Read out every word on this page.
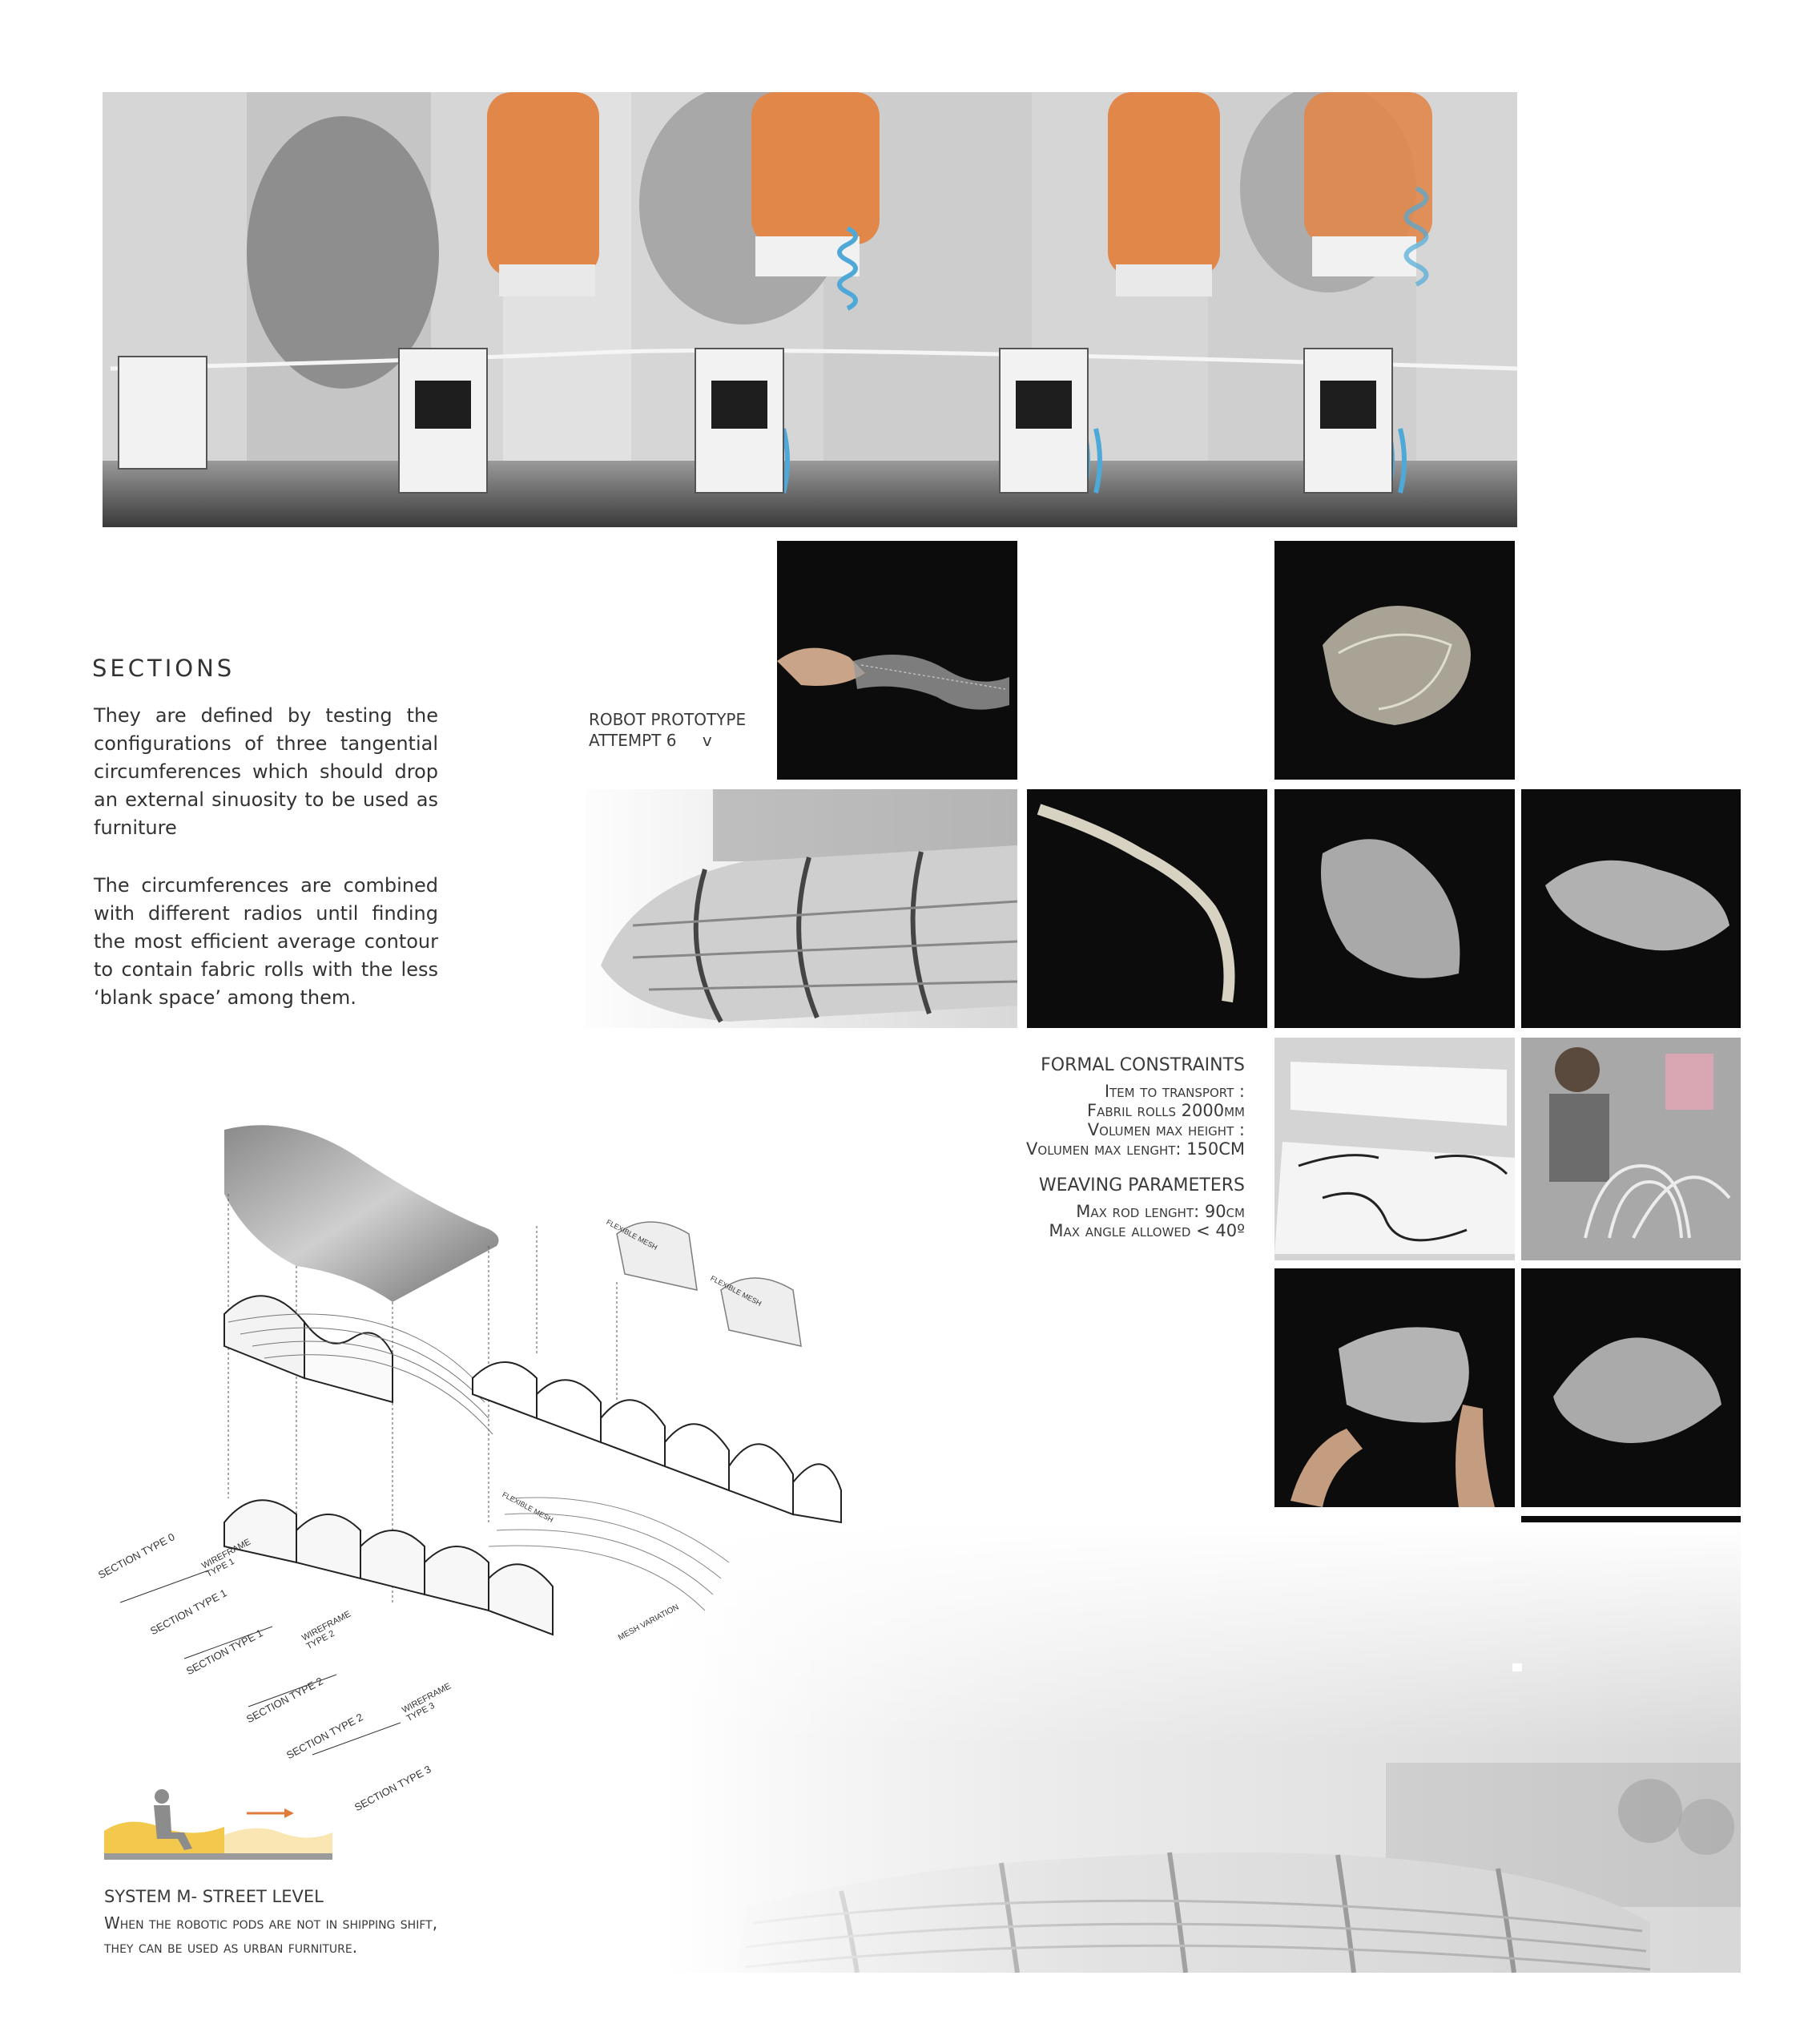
SECTIONS
They are defined by testing the configurations of three tangential circumferences which should drop an external sinuosity to be used as furniture
The circumferences are combined with different radios until finding the most efficient average contour to contain fabric rolls with the less ‘blank space’ among them.
ROBOT PROTOTYPE
ATTEMPT 6 v
FORMAL CONSTRAINTS
Item to transport :
Fabril rolls 2000mm
Volumen max height :
Volumen max lenght: 150CM
WEAVING PARAMETERS
Max rod lenght: 90cm
Max angle allowed < 40º
SECTION TYPE 0	WIREFRAME TYPE 1
SECTION TYPE 1
SECTION TYPE 1
WIREFRAME TYPE 2
SECTION TYPE 2
SECTION TYPE 2
WIREFRAME TYPE 3
SECTION TYPE 3
MESH VARIATION
FLEXIBLE MESH
FLEXIBLE MESH
FLEXIBLE MESH
SYSTEM M- STREET LEVEL
When the robotic pods are not in shipping shift,
they can be used as urban furniture.
